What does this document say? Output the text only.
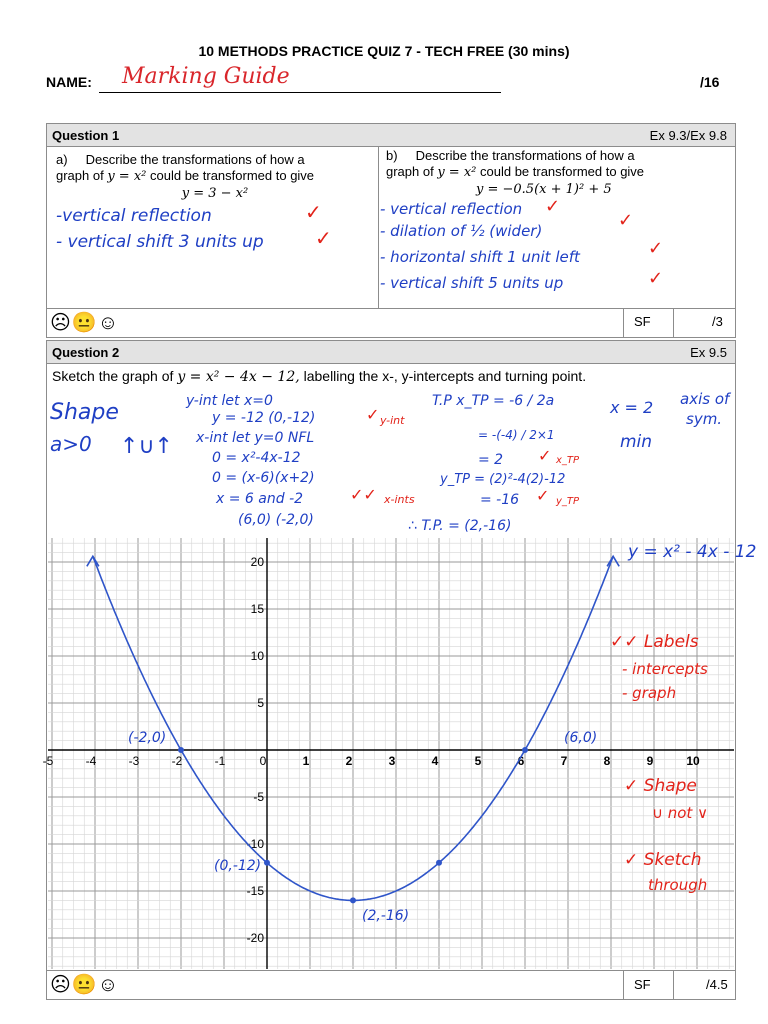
10 METHODS PRACTICE QUIZ 7 - TECH FREE (30 mins)
NAME: Marking Guide	/16
Question 1	Ex 9.3/Ex 9.8
a) Describe the transformations of how a
graph of y = x² could be transformed to give
y = 3 − x²
-vertical reflection
- vertical shift 3 units up
✓
✓
b) Describe the transformations of how a
graph of y = x² could be transformed to give
y = −0.5(x + 1)² + 5
- vertical reflection
- dilation of ½ (wider)
- horizontal shift 1 unit left
- vertical shift 5 units up
✓
✓
✓
✓
☹😐☺	SF	/3
Question 2	Ex 9.5
Sketch the graph of y = x² − 4x − 12, labelling the x-, y-intercepts and turning point.
Shape
a>0 ↑∪↑
y-int let x=0
y = -12 (0,-12)	✓ y-int
x-int let y=0 NFL
0 = x²-4x-12
0 = (x-6)(x+2)
x = 6 and -2	✓✓ x-ints
(6,0) (-2,0)
T.P x_TP = -6 / 2a
= -(-4) / 2×1
= 2 ✓ x_TP
y_TP = (2)²-4(2)-12
= -16 ✓ y_TP
∴ T.P. = (2,-16)
x = 2 axis of
sym.
min
-5	-4	-3	-2	-1	0	1	2	3	4	5	6	7	8	9	10
-20
-15
-10
-5
5
10
15
20
(-2,0)	(6,0)
(0,-12)
(2,-16)
y = x² - 4x - 12
✓✓ Labels
- intercepts
- graph
✓ Shape
∪ not ∨
✓ Sketch
through
☹😐☺	SF	/4.5
